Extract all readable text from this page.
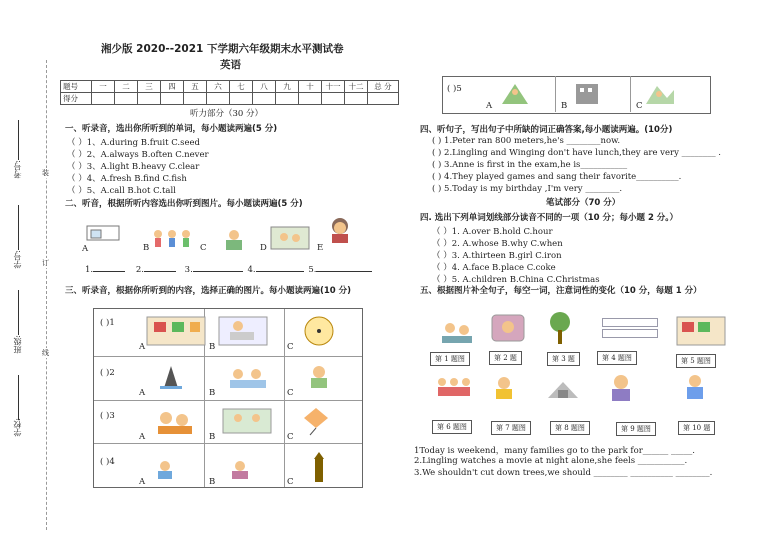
考号:
学号:
班级:
学校:
装
订
线
湘少版 2020--2021 下学期六年级期末水平测试卷
英语
题号	一	二	三	四	五	六	七	八	九	十	十一	十二	总 分
得分													
听力部分（30 分）
一、听录音，选出你所听到的单词，每小题读两遍(5 分)
（ ）1、A.during B.fruit C.seed
（ ）2、A.always B.often C.never
（ ）3、A.light B.heavy C.clear
（ ）4、A.fresh B.find C.fish
（ ）5、A.call B.hot C.tall
二、听音，根据所听内容选出你听到图片。每小题读两遍(5 分)
A	B	C	D	E
1.	2.	3.	4.	5.
三、听录音，根据你所听到的内容，选择正确的图片。每小题读两遍(10 分)
( )1
( )2
( )3
( )4
A	B	C
A	B	C
A	B	C
A	B	C
( )5
A	B	C
四、听句子，写出句子中所缺的词正确答案,每小题读两遍。(10分)
( ) 1.Peter ran 800 meters,he's ________now.
( ) 2.Lingling and Winging don't have lunch,they are very ________ .
( ) 3.Anne is first in the exam,he is___________
( ) 4.They played games and sang their favorite__________.
( ) 5.Today is my birthday ,I'm very ________.
笔试部分（70 分）
四. 选出下列单词划线部分读音不同的一项（10 分；每小题 2 分。）
（ ）1. A.over B.hold C.hour
（ ）2. A.whose B.why C.when
（ ）3. A.thirteen B.girl C.iron
（ ）4. A.face B.place C.coke
（ ）5. A.children B.China C.Christmas
五、根据图片补全句子，每空一词，注意词性的变化（10 分，每题 1 分）
第 1 题图	第 2 题	第 3 题	第 4 题图	第 5 题图
第 6 题图	第 7 题图	第 8 题图	第 9 题图	第 10 题
1Today is weekend，many families go to the park for______ _____.
2.Lingling watches a movie at night alone,she feels ___________.
3.We shouldn't cut down trees,we should ________ __________ ________.
